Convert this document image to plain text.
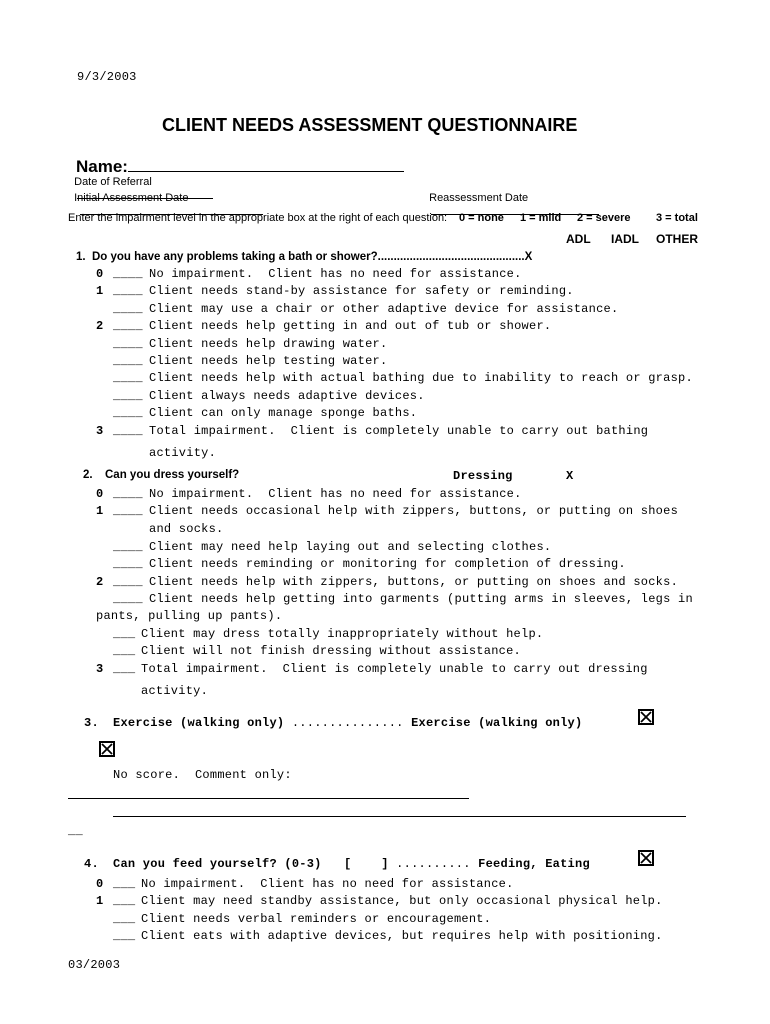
9/3/2003
CLIENT NEEDS ASSESSMENT QUESTIONNAIRE

Name:

Date of Referral

Initial Assessment Date
	Reassessment Date

Enter the impairment level in the appropriate box at the right of each question: 0 = none 1 = mild 2 = severe 3 = total
ADL IADL OTHER
1.  Do you have any problems taking a bath or shower?..............................................X
0 ____ No impairment.  Client has no need for assistance.
1 ____ Client needs stand-by assistance for safety or reminding.
____ Client may use a chair or other adaptive device for assistance.
2 ____ Client needs help getting in and out of tub or shower.
____ Client needs help drawing water.
____ Client needs help testing water.
____ Client needs help with actual bathing due to inability to reach or grasp.
____ Client always needs adaptive devices.
____ Client can only manage sponge baths.
3 ____ Total impairment.  Client is completely unable to carry out bathing
activity.
2. Can you dress yourself?	Dressing	X
0 ____ No impairment.  Client has no need for assistance.
1 ____ Client needs occasional help with zippers, buttons, or putting on shoes
and socks.
____ Client may need help laying out and selecting clothes.
____ Client needs reminding or monitoring for completion of dressing.
2 ____ Client needs help with zippers, buttons, or putting on shoes and socks.
____ Client needs help getting into garments (putting arms in sleeves, legs in
pants, pulling up pants).
___ Client may dress totally inappropriately without help.
___ Client will not finish dressing without assistance.
3 ___ Total impairment.  Client is completely unable to carry out dressing
activity.
3. Exercise (walking only) ............... Exercise (walking only)
No score.  Comment only:
__
4. Can you feed yourself? (0-3) [    ] .......... Feeding, Eating
0 ___ No impairment.  Client has no need for assistance.
1 ___ Client may need standby assistance, but only occasional physical help.
___ Client needs verbal reminders or encouragement.
___ Client eats with adaptive devices, but requires help with positioning.
03/2003
